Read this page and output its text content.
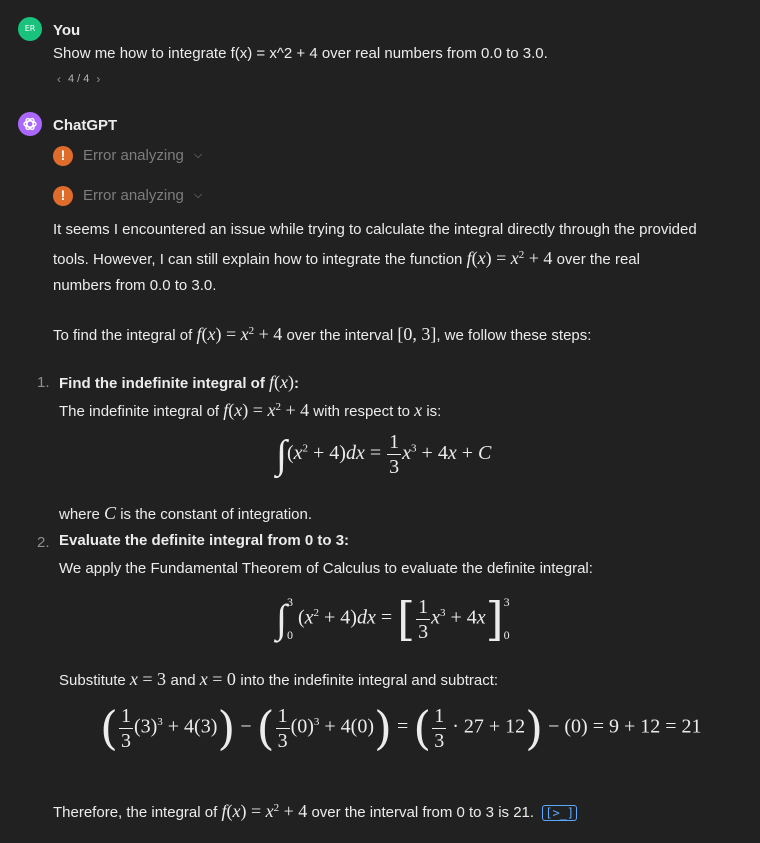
ER You
Show me how to integrate f(x) = x^2 + 4 over real numbers from 0.0 to 3.0.
‹ 4 / 4 ›
ChatGPT
!	Error analyzing ⌵
!	Error analyzing ⌵
It seems I encountered an issue while trying to calculate the integral directly through the provided
tools. However, I can still explain how to integrate the function $f(x) = x^2 + 4$ over the real
numbers from 0.0 to 3.0.
To find the integral of $f(x) = x^2 + 4$ over the interval [0, 3], we follow these steps:
1. Find the indefinite integral of f(x):
The indefinite integral of $f(x) = x^2 + 4$ with respect to x is:
$\int(x^2 + 4)dx = \frac{1}{3} x^3 + 4x + C$
where C is the constant of integration.
2. Evaluate the definite integral from 0 to 3:
We apply the Fundamental Theorem of Calculus to evaluate the definite integral:
∫ 3
0
$(x^2 + 4)dx$ = [ $\frac{1}{3} x^3 + 4x$] 3
0
Substitute x = 3 and x = 0 into the indefinite integral and subtract:
( $\frac{1}{3} (3)^3 + 4(3)$) − ( $\frac{1}{3} (0)^3 + 4(0)$) = ( $\frac{1}{3} \cdot 27 + 12) - (0) = 9 + 12 = 21$
Therefore, the integral of $f(x) = x^2 + 4$ over the interval from 0 to 3 is 21. [>_]
